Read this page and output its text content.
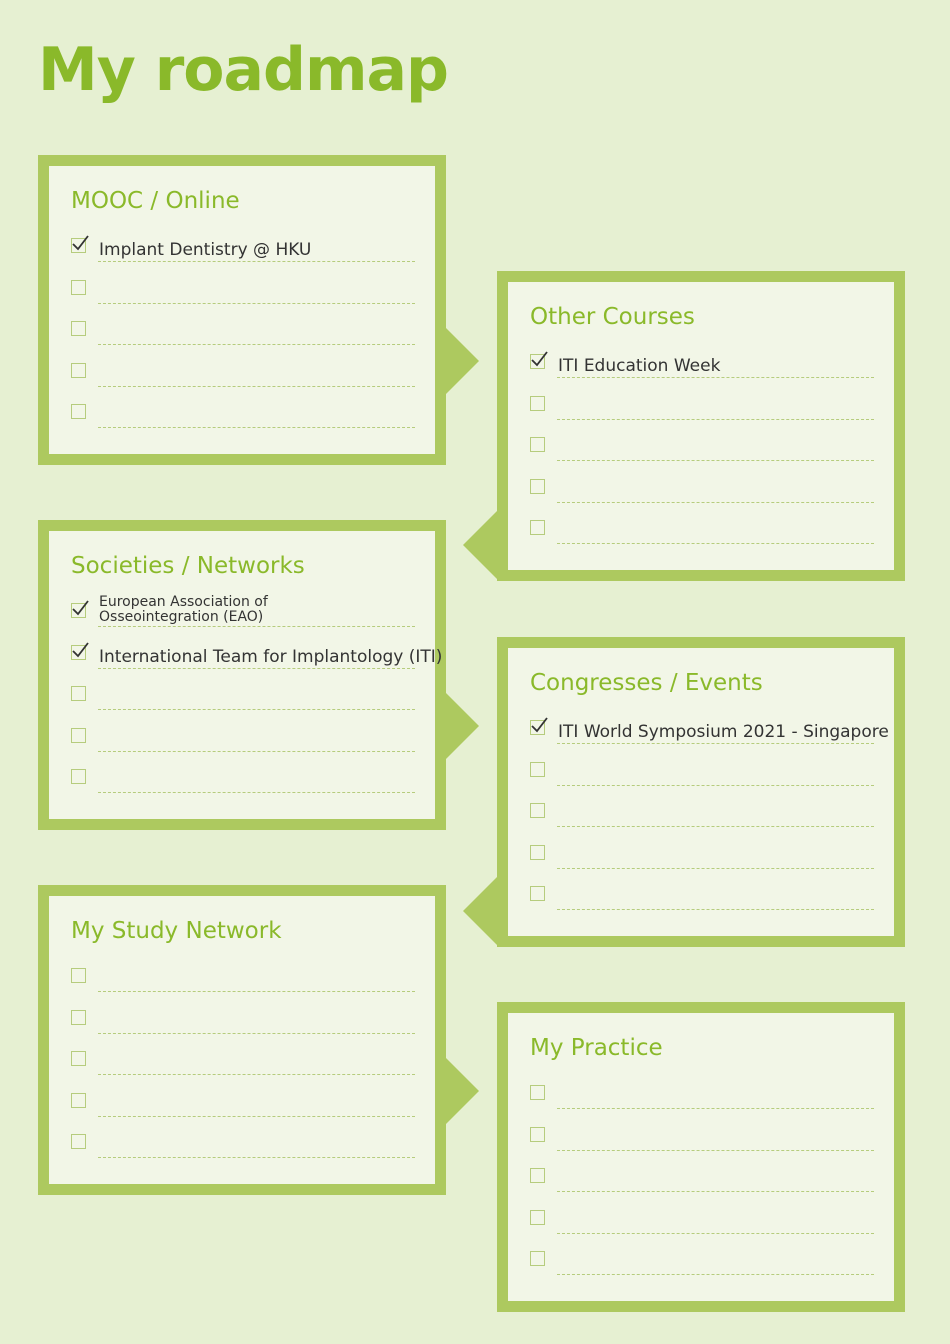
My roadmap
MOOC / Online
Implant Dentistry @ HKU
Other Courses
ITI Education Week
Societies / Networks
European Association of Osseointegration (EAO)
International Team for Implantology (ITI)
Congresses / Events
ITI World Symposium 2021 - Singapore
My Study Network
My Practice
